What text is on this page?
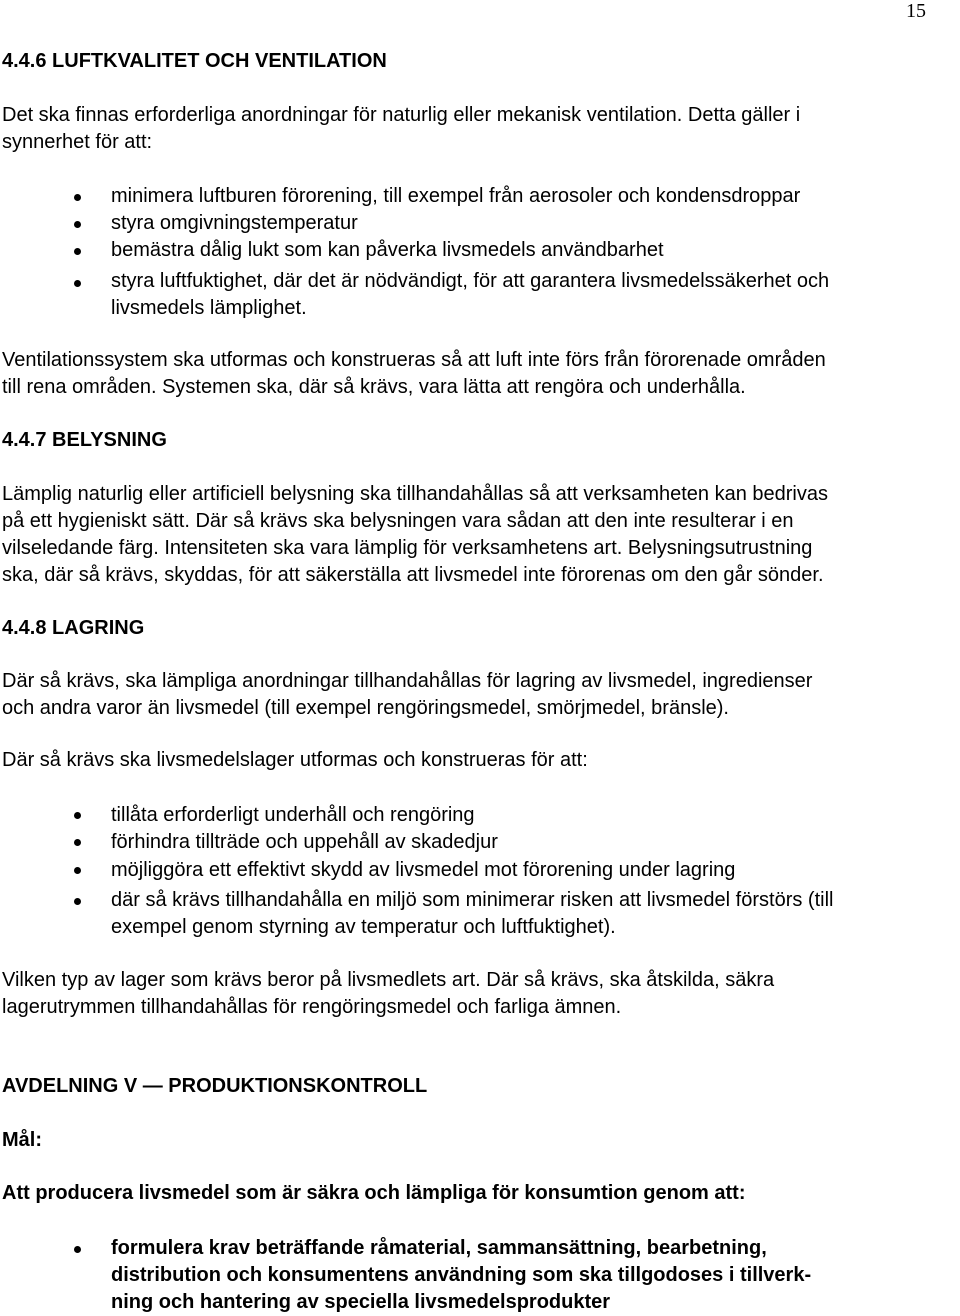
15
4.4.6 LUFTKVALITET OCH VENTILATION
Det ska finnas erforderliga anordningar för naturlig eller mekanisk ventilation. Detta gäller i
synnerhet för att:
minimera luftburen förorening, till exempel från aerosoler och kondensdroppar
styra omgivningstemperatur
bemästra dålig lukt som kan påverka livsmedels användbarhet
styra luftfuktighet, där det är nödvändigt, för att garantera livsmedelssäkerhet och
livsmedels lämplighet.
Ventilationssystem ska utformas och konstrueras så att luft inte förs från förorenade områden
till rena områden. Systemen ska, där så krävs, vara lätta att rengöra och underhålla.
4.4.7 BELYSNING
Lämplig naturlig eller artificiell belysning ska tillhandahållas så att verksamheten kan bedrivas
på ett hygieniskt sätt. Där så krävs ska belysningen vara sådan att den inte resulterar i en
vilseledande färg. Intensiteten ska vara lämplig för verksamhetens art. Belysningsutrustning
ska, där så krävs, skyddas, för att säkerställa att livsmedel inte förorenas om den går sönder.
4.4.8 LAGRING
Där så krävs, ska lämpliga anordningar tillhandahållas för lagring av livsmedel, ingredienser
och andra varor än livsmedel (till exempel rengöringsmedel, smörjmedel, bränsle).
Där så krävs ska livsmedelslager utformas och konstrueras för att:
tillåta erforderligt underhåll och rengöring
förhindra tillträde och uppehåll av skadedjur
möjliggöra ett effektivt skydd av livsmedel mot förorening under lagring
där så krävs tillhandahålla en miljö som minimerar risken att livsmedel förstörs (till
exempel genom styrning av temperatur och luftfuktighet).
Vilken typ av lager som krävs beror på livsmedlets art. Där så krävs, ska åtskilda, säkra
lagerutrymmen tillhandahållas för rengöringsmedel och farliga ämnen.
AVDELNING V — PRODUKTIONSKONTROLL
Mål:
Att producera livsmedel som är säkra och lämpliga för konsumtion genom att:
formulera krav beträffande råmaterial, sammansättning, bearbetning,
distribution och konsumentens användning som ska tillgodoses i tillverk-
ning och hantering av speciella livsmedelsprodukter
